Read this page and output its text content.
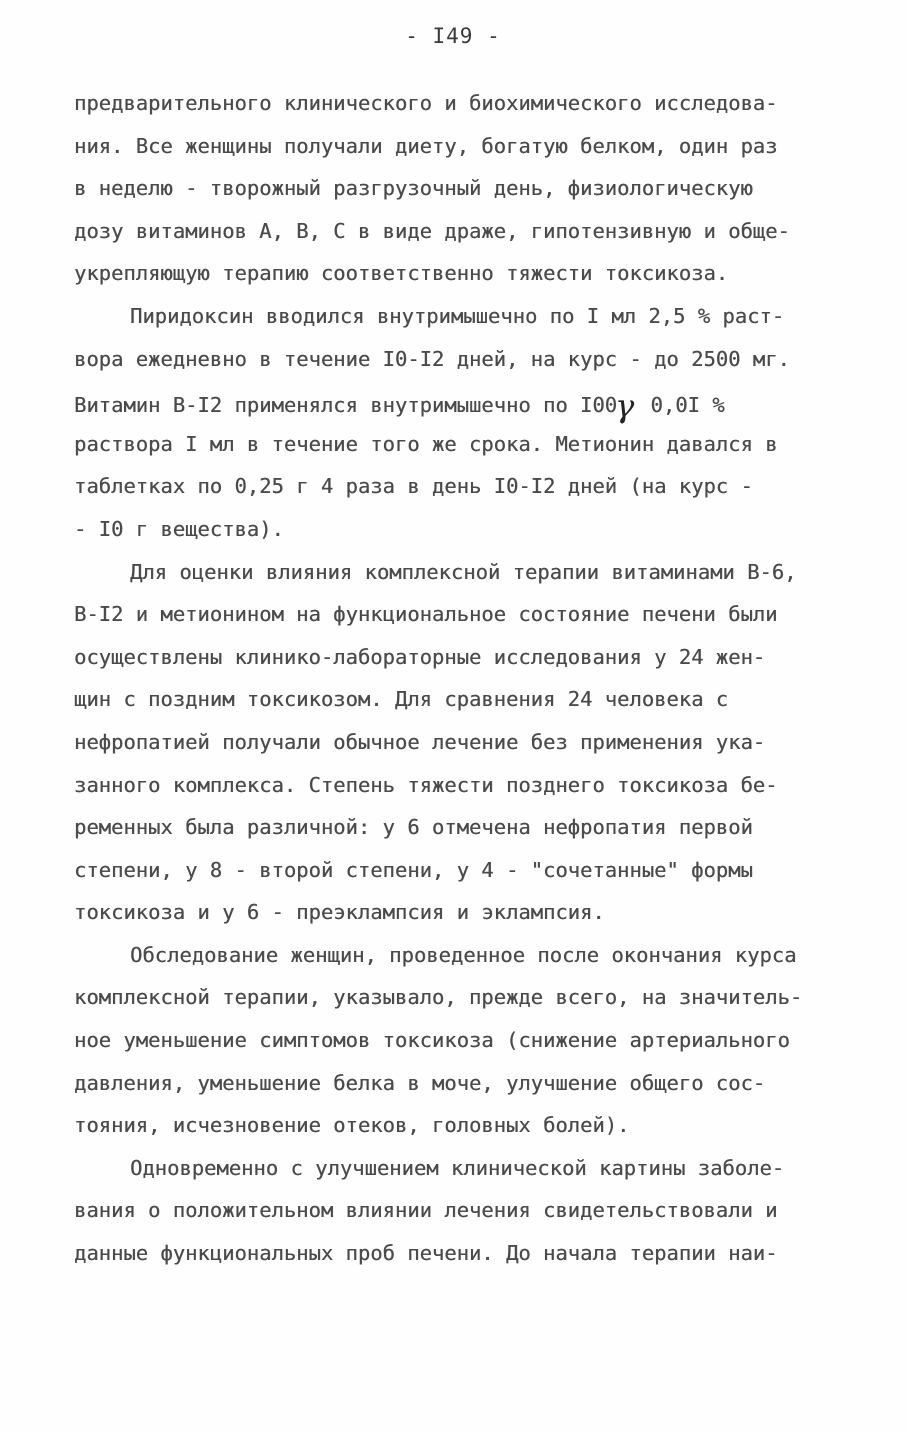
- I49 -

предварительного клинического и биохимического исследова-
ния. Все женщины получали диету, богатую белком, один раз
в неделю - творожный разгрузочный день, физиологическую
дозу витаминов А, В, С в виде драже, гипотензивную и обще-
укрепляющую терапию соответственно тяжести токсикоза.

Пиридоксин вводился внутримышечно по I мл 2,5 % раст-
вора ежедневно в течение I0-I2 дней, на курс - до 2500 мг.
Витамин В-I2 применялся внутримышечно по I00γ 0,0I %
раствора I мл в течение того же срока. Метионин давался в
таблетках по 0,25 г 4 раза в день I0-I2 дней (на курс -
- I0 г вещества).

Для оценки влияния комплексной терапии витаминами В-6,
В-I2 и метионином на функциональное состояние печени были
осуществлены клинико-лабораторные исследования у 24 жен-
щин с поздним токсикозом. Для сравнения 24 человека с
нефропатией получали обычное лечение без применения ука-
занного комплекса. Степень тяжести позднего токсикоза бе-
ременных была различной: у 6 отмечена нефропатия первой
степени, у 8 - второй степени, у 4 - "сочетанные" формы
токсикоза и у 6 - преэклампсия и эклампсия.

Обследование женщин, проведенное после окончания курса
комплексной терапии, указывало, прежде всего, на значитель-
ное уменьшение симптомов токсикоза (снижение артериального
давления, уменьшение белка в моче, улучшение общего сос-
тояния, исчезновение отеков, головных болей).

Одновременно с улучшением клинической картины заболе-
вания о положительном влиянии лечения свидетельствовали и
данные функциональных проб печени. До начала терапии наи-
